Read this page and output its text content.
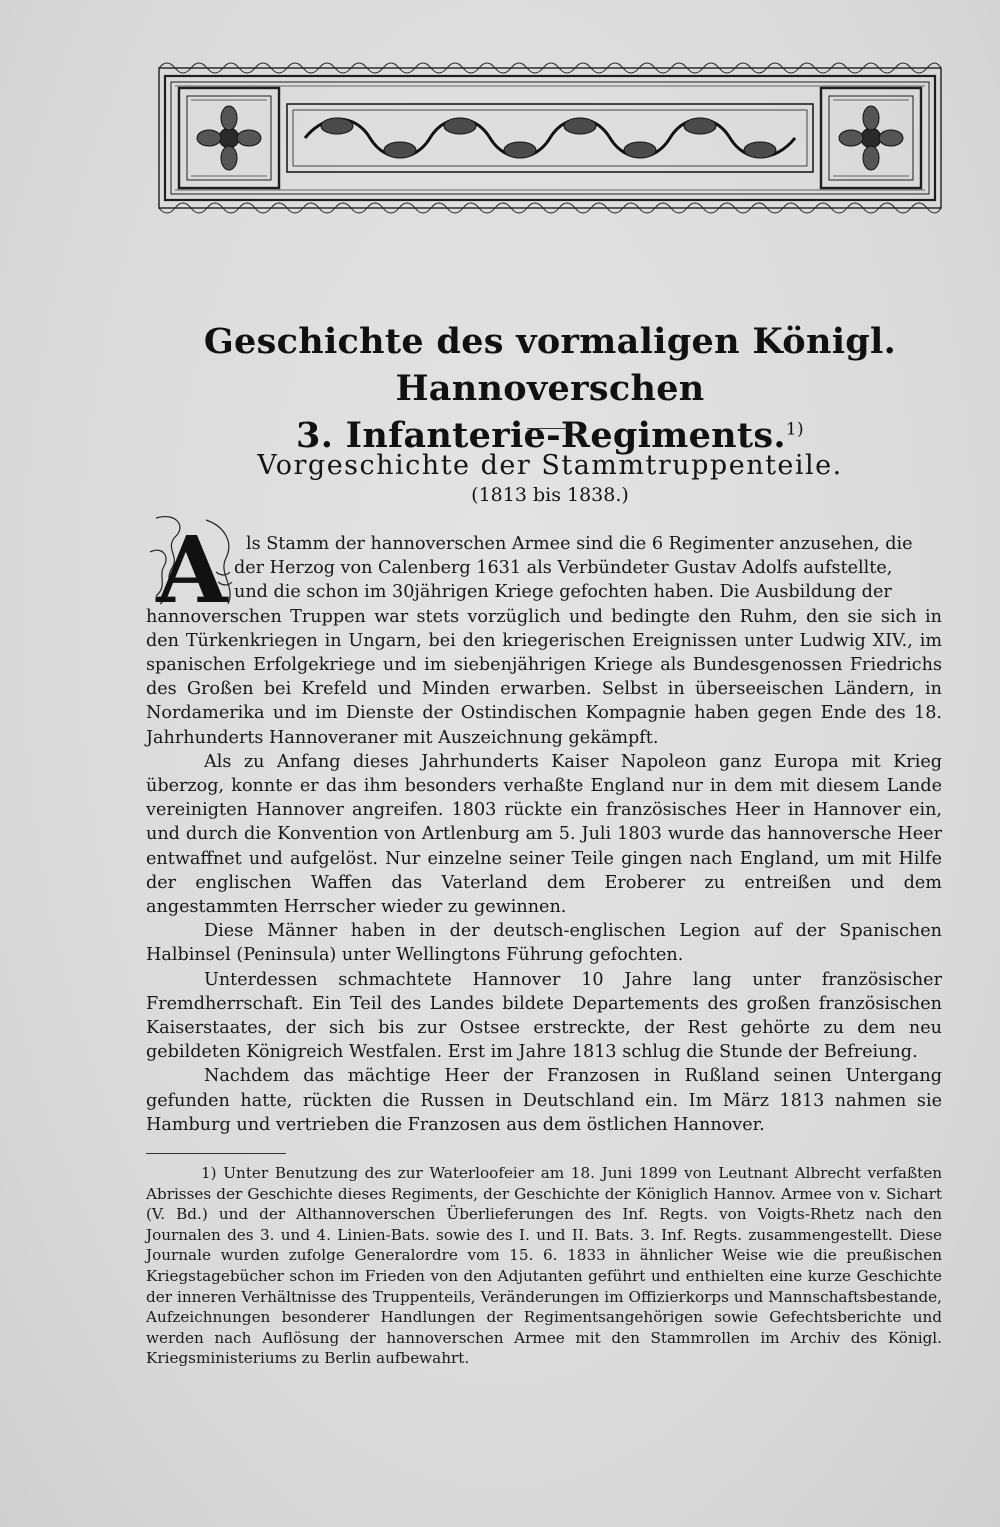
Geschichte des vormaligen Königl. Hannoverschen
3. Infanterie-Regiments.$^{1)}$
Vorgeschichte der Stammtruppenteile.
(1813 bis 1838.)
A	ls Stamm der hannoverschen Armee sind die 6 Regimenter anzusehen, die
der Herzog von Calenberg 1631 als Verbündeter Gustav Adolfs aufstellte,
und die schon im 30jährigen Kriege gefochten haben. Die Ausbildung der
hannoverschen Truppen war stets vorzüglich und bedingte den Ruhm, den sie sich in den Türkenkriegen in Ungarn, bei den kriegerischen Ereignissen unter Ludwig XIV., im spanischen Erfolgekriege und im siebenjährigen Kriege als Bundesgenossen Friedrichs des Großen bei Krefeld und Minden erwarben. Selbst in überseeischen Ländern, in Nordamerika und im Dienste der Ostindischen Kompagnie haben gegen Ende des 18. Jahrhunderts Hannoveraner mit Auszeichnung gekämpft.

Als zu Anfang dieses Jahrhunderts Kaiser Napoleon ganz Europa mit Krieg überzog, konnte er das ihm besonders verhaßte England nur in dem mit diesem Lande vereinigten Hannover angreifen. 1803 rückte ein französisches Heer in Hannover ein, und durch die Konvention von Artlenburg am 5. Juli 1803 wurde das hannoversche Heer entwaffnet und aufgelöst. Nur einzelne seiner Teile gingen nach England, um mit Hilfe der englischen Waffen das Vaterland dem Eroberer zu entreißen und dem angestammten Herrscher wieder zu gewinnen.

Diese Männer haben in der deutsch-englischen Legion auf der Spanischen Halbinsel (Peninsula) unter Wellingtons Führung gefochten.

Unterdessen schmachtete Hannover 10 Jahre lang unter französischer Fremdherrschaft. Ein Teil des Landes bildete Departements des großen französischen Kaiserstaates, der sich bis zur Ostsee erstreckte, der Rest gehörte zu dem neu gebildeten Königreich Westfalen. Erst im Jahre 1813 schlug die Stunde der Befreiung.

Nachdem das mächtige Heer der Franzosen in Rußland seinen Untergang gefunden hatte, rückten die Russen in Deutschland ein. Im März 1813 nahmen sie Hamburg und vertrieben die Franzosen aus dem östlichen Hannover.

1) Unter Benutzung des zur Waterloofeier am 18. Juni 1899 von Leutnant Albrecht verfaßten Abrisses der Geschichte dieses Regiments, der Geschichte der Königlich Hannov. Armee von v. Sichart (V. Bd.) und der Althannoverschen Überlieferungen des Inf. Regts. von Voigts-Rhetz nach den Journalen des 3. und 4. Linien-Bats. sowie des I. und II. Bats. 3. Inf. Regts. zusammengestellt. Diese Journale wurden zufolge Generalordre vom 15. 6. 1833 in ähnlicher Weise wie die preußischen Kriegstagebücher schon im Frieden von den Adjutanten geführt und enthielten eine kurze Geschichte der inneren Verhältnisse des Truppenteils, Veränderungen im Offizierkorps und Mannschaftsbestande, Aufzeichnungen besonderer Handlungen der Regimentsangehörigen sowie Gefechtsberichte und werden nach Auflösung der hannoverschen Armee mit den Stammrollen im Archiv des Königl. Kriegsministeriums zu Berlin aufbewahrt.
